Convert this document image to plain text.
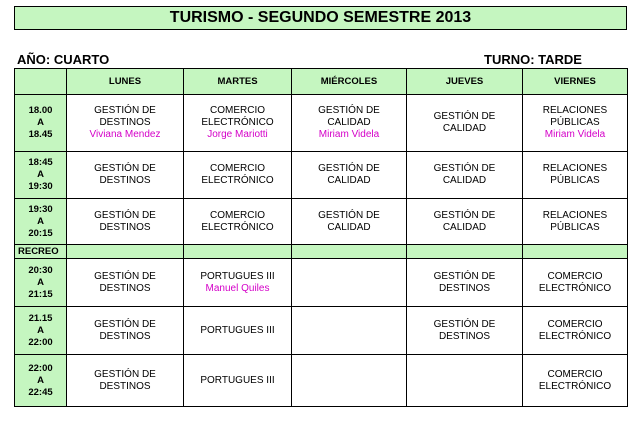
TURISMO - SEGUNDO SEMESTRE 2013
AÑO: CUARTO	TURNO: TARDE
	LUNES	MARTES	MIÉRCOLES	JUEVES	VIERNES

18.00
A
18.45	GESTIÓN DE
DESTINOS
Viviana Mendez	COMERCIO
ELECTRÓNICO
Jorge Mariotti	GESTIÓN DE
CALIDAD
Miriam Videla	GESTIÓN DE
CALIDAD	RELACIONES
PÚBLICAS
Miriam Videla

18:45
A
19:30	GESTIÓN DE
DESTINOS	COMERCIO
ELECTRÓNICO	GESTIÓN DE
CALIDAD	GESTIÓN DE
CALIDAD	RELACIONES
PÚBLICAS

19:30
A
20:15	GESTIÓN DE
DESTINOS	COMERCIO
ELECTRÓNICO	GESTIÓN DE
CALIDAD	GESTIÓN DE
CALIDAD	RELACIONES
PÚBLICAS

RECREO					

20:30
A
21:15	GESTIÓN DE
DESTINOS	PORTUGUES III
Manuel Quiles		GESTIÓN DE
DESTINOS	COMERCIO
ELECTRÓNICO

21.15
A
22:00	GESTIÓN DE
DESTINOS	PORTUGUES III		GESTIÓN DE
DESTINOS	COMERCIO
ELECTRÓNICO

22:00
A
22:45	GESTIÓN DE
DESTINOS	PORTUGUES III			COMERCIO
ELECTRÓNICO
